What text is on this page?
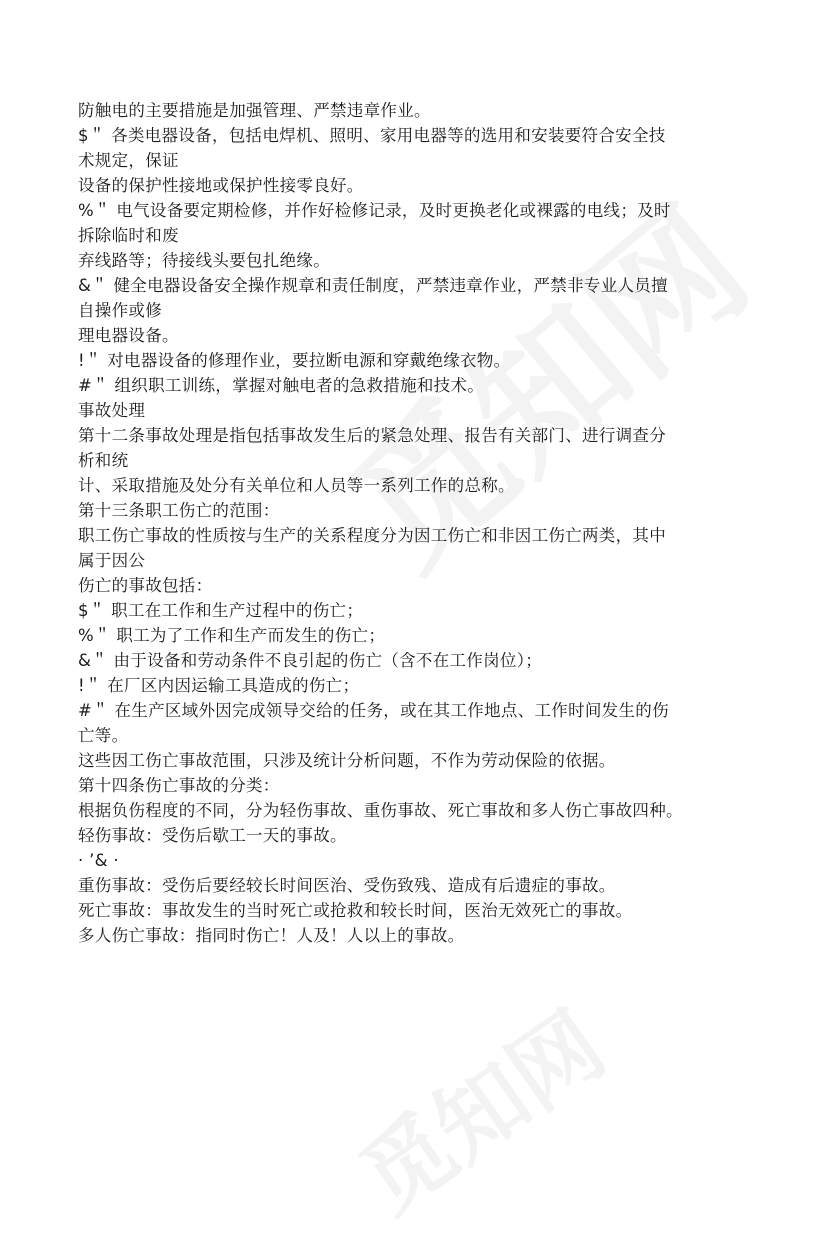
防触电的主要措施是加强管理、严禁违章作业。
$＂ 各类电器设备，包括电焊机、照明、家用电器等的选用和安装要符合安全技
术规定，保证
设备的保护性接地或保护性接零良好。
%＂ 电气设备要定期检修，并作好检修记录，及时更换老化或裸露的电线；及时
拆除临时和废
弃线路等；待接线头要包扎绝缘。
&＂ 健全电器设备安全操作规章和责任制度，严禁违章作业，严禁非专业人员擅
自操作或修
理电器设备。
!＂ 对电器设备的修理作业，要拉断电源和穿戴绝缘衣物。
#＂ 组织职工训练，掌握对触电者的急救措施和技术。
事故处理
第十二条事故处理是指包括事故发生后的紧急处理、报告有关部门、进行调查分
析和统
计、采取措施及处分有关单位和人员等一系列工作的总称。
第十三条职工伤亡的范围：
职工伤亡事故的性质按与生产的关系程度分为因工伤亡和非因工伤亡两类，其中
属于因公
伤亡的事故包括：
$＂ 职工在工作和生产过程中的伤亡；
%＂ 职工为了工作和生产而发生的伤亡；
&＂ 由于设备和劳动条件不良引起的伤亡（含不在工作岗位）；
!＂ 在厂区内因运输工具造成的伤亡；
#＂ 在生产区域外因完成领导交给的任务，或在其工作地点、工作时间发生的伤
亡等。
这些因工伤亡事故范围，只涉及统计分析问题，不作为劳动保险的依据。
第十四条伤亡事故的分类：
根据负伤程度的不同，分为轻伤事故、重伤事故、死亡事故和多人伤亡事故四种。
轻伤事故：受伤后歇工一天的事故。
· ’& ·
重伤事故：受伤后要经较长时间医治、受伤致残、造成有后遗症的事故。
死亡事故：事故发生的当时死亡或抢救和较长时间，医治无效死亡的事故。
多人伤亡事故：指同时伤亡！人及！人以上的事故。
